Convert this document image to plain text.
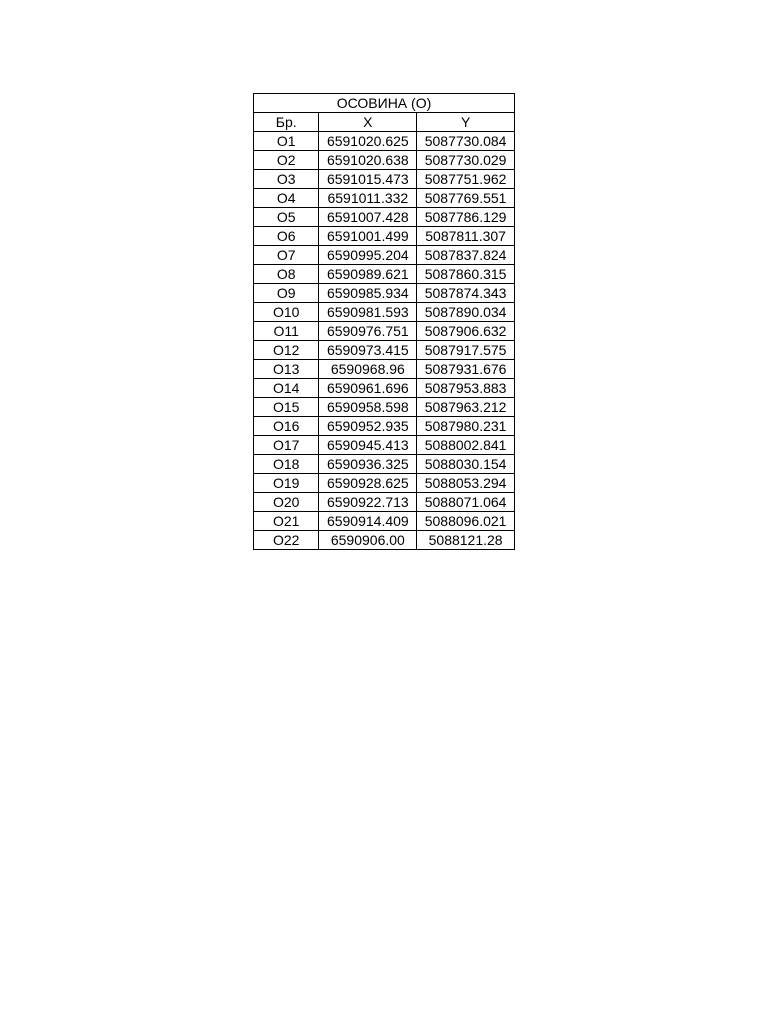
ОСОВИНА (О)		
Бр.	X	Y
O1	6591020.625	5087730.084

O2	6591020.638	5087730.029

O3	6591015.473	5087751.962

O4	6591011.332	5087769.551

O5	6591007.428	5087786.129

O6	6591001.499	5087811.307

O7	6590995.204	5087837.824

O8	6590989.621	5087860.315

O9	6590985.934	5087874.343

O10	6590981.593	5087890.034

O11	6590976.751	5087906.632

O12	6590973.415	5087917.575

O13	6590968.96	5087931.676

O14	6590961.696	5087953.883

O15	6590958.598	5087963.212

O16	6590952.935	5087980.231

O17	6590945.413	5088002.841

O18	6590936.325	5088030.154

O19	6590928.625	5088053.294

O20	6590922.713	5088071.064

O21	6590914.409	5088096.021

O22	6590906.00	5088121.28
